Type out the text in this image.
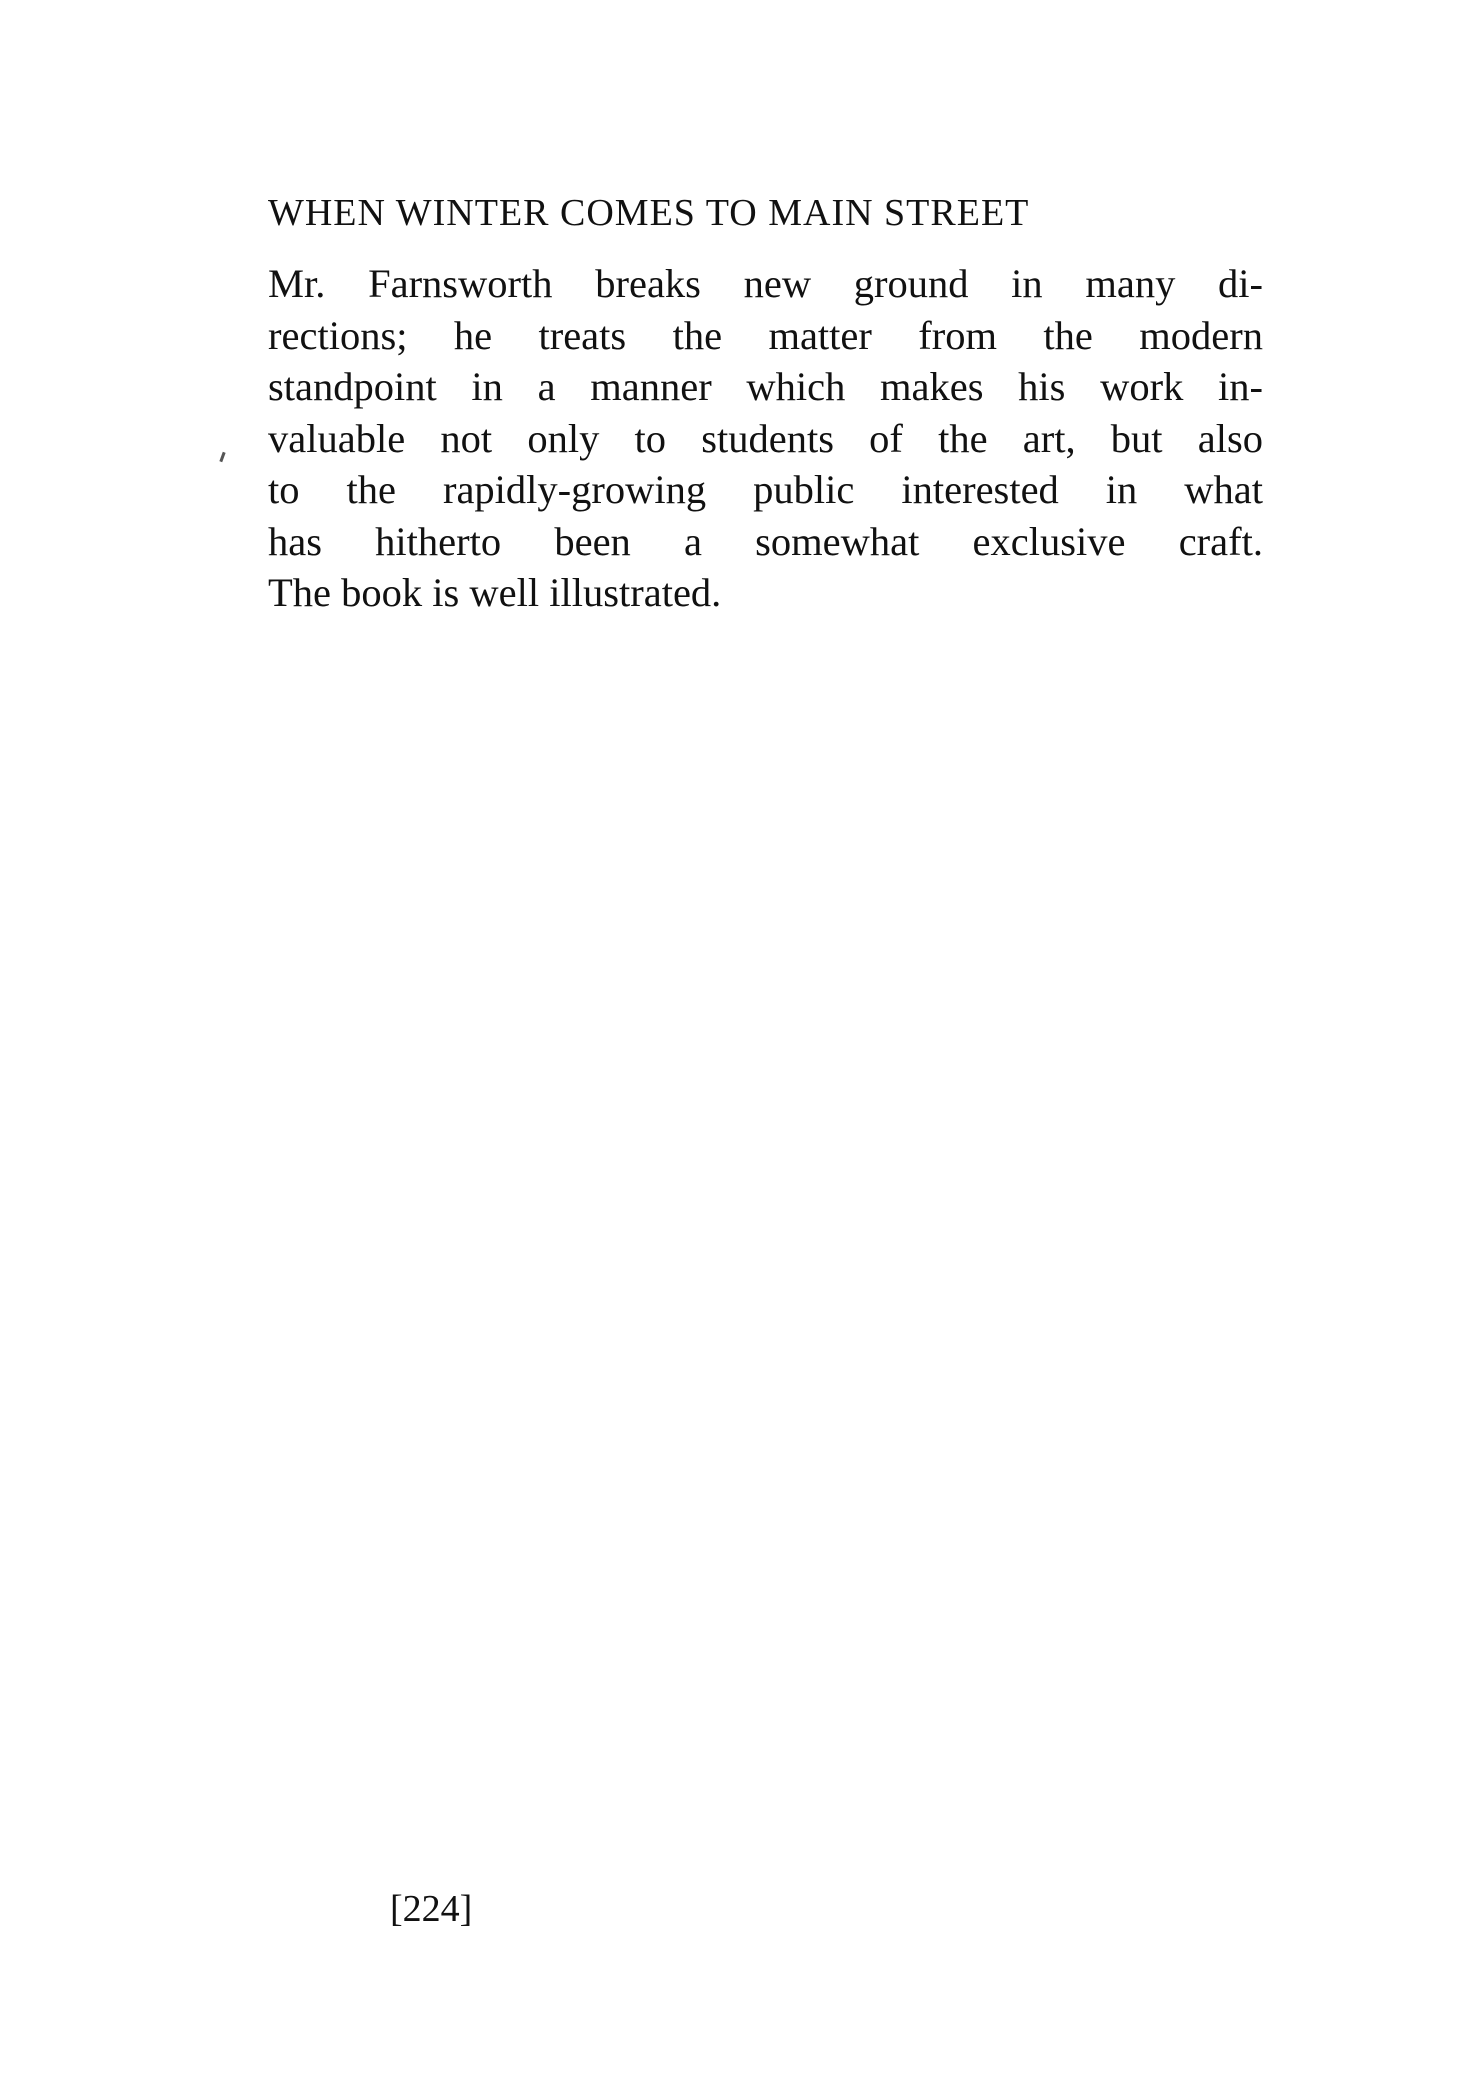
WHEN WINTER COMES TO MAIN STREET
Mr. Farnsworth breaks new ground in many di-
rections; he treats the matter from the modern
standpoint in a manner which makes his work in-
valuable not only to students of the art, but also
to the rapidly-growing public interested in what
has hitherto been a somewhat exclusive craft.
The book is well illustrated.
[224]
